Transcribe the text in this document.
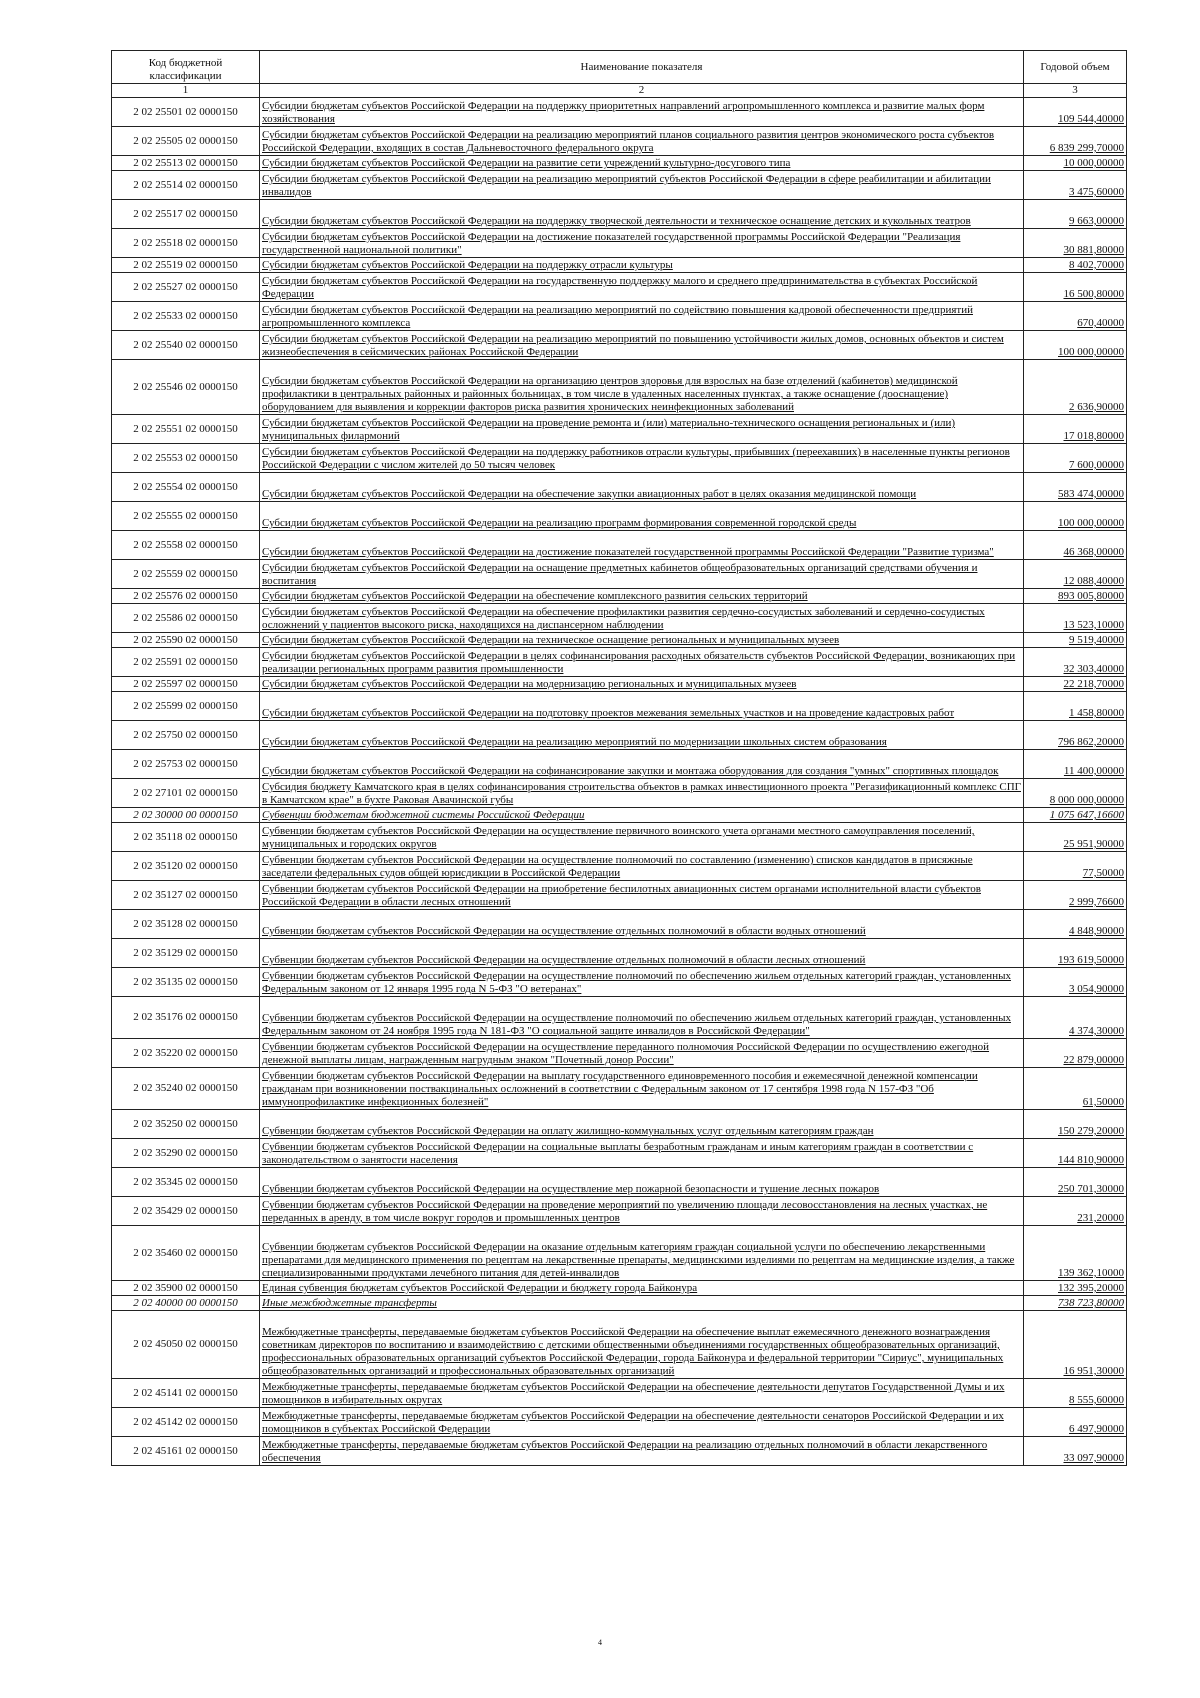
Код бюджетной классификации	Наименование показателя	Годовой объем
1	2	3
2 02 25501 02 0000150	Субсидии бюджетам субъектов Российской Федерации на поддержку приоритетных направлений агропромышленного комплекса и развитие малых форм хозяйствования	109 544,40000
2 02 25505 02 0000150	Субсидии бюджетам субъектов Российской Федерации на реализацию мероприятий планов социального развития центров экономического роста субъектов Российской Федерации, входящих в состав Дальневосточного федерального округа	6 839 299,70000
2 02 25513 02 0000150	Субсидии бюджетам субъектов Российской Федерации на развитие сети учреждений культурно-досугового типа	10 000,00000
2 02 25514 02 0000150	Субсидии бюджетам субъектов Российской Федерации на реализацию мероприятий субъектов Российской Федерации в сфере реабилитации и абилитации инвалидов	3 475,60000
2 02 25517 02 0000150	Субсидии бюджетам субъектов Российской Федерации на поддержку творческой деятельности и техническое оснащение детских и кукольных театров	9 663,00000
2 02 25518 02 0000150	Субсидии бюджетам субъектов Российской Федерации на достижение показателей государственной программы Российской Федерации "Реализация государственной национальной политики"	30 881,80000
2 02 25519 02 0000150	Субсидии бюджетам субъектов Российской Федерации на поддержку отрасли культуры	8 402,70000
2 02 25527 02 0000150	Субсидии бюджетам субъектов Российской Федерации на государственную поддержку малого и среднего предпринимательства в субъектах Российской Федерации	16 500,80000
2 02 25533 02 0000150	Субсидии бюджетам субъектов Российской Федерации на реализацию мероприятий по содействию повышения кадровой обеспеченности предприятий агропромышленного комплекса	670,40000
2 02 25540 02 0000150	Субсидии бюджетам субъектов Российской Федерации на реализацию мероприятий по повышению устойчивости жилых домов, основных объектов и систем жизнеобеспечения в сейсмических районах Российской Федерации	100 000,00000
2 02 25546 02 0000150	Субсидии бюджетам субъектов Российской Федерации на организацию центров здоровья для взрослых на базе отделений (кабинетов) медицинской профилактики в центральных районных и районных больницах, в том числе в удаленных населенных пунктах, а также оснащение (дооснащение) оборудованием для выявления и коррекции факторов риска развития хронических неинфекционных заболеваний	2 636,90000
2 02 25551 02 0000150	Субсидии бюджетам субъектов Российской Федерации на проведение ремонта и (или) материально-технического оснащения региональных и (или) муниципальных филармоний	17 018,80000
2 02 25553 02 0000150	Субсидии бюджетам субъектов Российской Федерации на поддержку работников отрасли культуры, прибывших (переехавших) в населенные пункты регионов Российской Федерации с числом жителей до 50 тысяч человек	7 600,00000
2 02 25554 02 0000150	Субсидии бюджетам субъектов Российской Федерации на обеспечение закупки авиационных работ в целях оказания медицинской помощи	583 474,00000
2 02 25555 02 0000150	Субсидии бюджетам субъектов Российской Федерации на реализацию программ формирования современной городской среды	100 000,00000
2 02 25558 02 0000150	Субсидии бюджетам субъектов Российской Федерации на достижение показателей государственной программы Российской Федерации "Развитие туризма"	46 368,00000
2 02 25559 02 0000150	Субсидии бюджетам субъектов Российской Федерации на оснащение предметных кабинетов общеобразовательных организаций средствами обучения и воспитания	12 088,40000
2 02 25576 02 0000150	Субсидии бюджетам субъектов Российской Федерации на обеспечение комплексного развития сельских территорий	893 005,80000
2 02 25586 02 0000150	Субсидии бюджетам субъектов Российской Федерации на обеспечение профилактики развития сердечно-сосудистых заболеваний и сердечно-сосудистых осложнений у пациентов высокого риска, находящихся на диспансерном наблюдении	13 523,10000
2 02 25590 02 0000150	Субсидии бюджетам субъектов Российской Федерации на техническое оснащение региональных и муниципальных музеев	9 519,40000
2 02 25591 02 0000150	Субсидии бюджетам субъектов Российской Федерации в целях софинансирования расходных обязательств субъектов Российской Федерации, возникающих при реализации региональных программ развития промышленности	32 303,40000
2 02 25597 02 0000150	Субсидии бюджетам субъектов Российской Федерации на модернизацию региональных и муниципальных музеев	22 218,70000
2 02 25599 02 0000150	Субсидии бюджетам субъектов Российской Федерации на подготовку проектов межевания земельных участков и на проведение кадастровых работ	1 458,80000
2 02 25750 02 0000150	Субсидии бюджетам субъектов Российской Федерации на реализацию мероприятий по модернизации школьных систем образования	796 862,20000
2 02 25753 02 0000150	Субсидии бюджетам субъектов Российской Федерации на софинансирование закупки и монтажа оборудования для создания "умных" спортивных площадок	11 400,00000
2 02 27101 02 0000150	Субсидия бюджету Камчатского края в целях софинансирования строительства объектов в рамках инвестиционного проекта "Регазификационный комплекс СПГ в Камчатском крае" в бухте Раковая Авачинской губы	8 000 000,00000
2 02 30000 00 0000150	Субвенции бюджетам бюджетной системы Российской Федерации	1 075 647,16600
2 02 35118 02 0000150	Субвенции бюджетам субъектов Российской Федерации на осуществление первичного воинского учета органами местного самоуправления поселений, муниципальных и городских округов	25 951,90000
2 02 35120 02 0000150	Субвенции бюджетам субъектов Российской Федерации на осуществление полномочий по составлению (изменению) списков кандидатов в присяжные заседатели федеральных судов общей юрисдикции в Российской Федерации	77,50000
2 02 35127 02 0000150	Субвенции бюджетам субъектов Российской Федерации на приобретение беспилотных авиационных систем органами исполнительной власти субъектов Российской Федерации в области лесных отношений	2 999,76600
2 02 35128 02 0000150	Субвенции бюджетам субъектов Российской Федерации на осуществление отдельных полномочий в области водных отношений	4 848,90000
2 02 35129 02 0000150	Субвенции бюджетам субъектов Российской Федерации на осуществление отдельных полномочий в области лесных отношений	193 619,50000
2 02 35135 02 0000150	Субвенции бюджетам субъектов Российской Федерации на осуществление полномочий по обеспечению жильем отдельных категорий граждан, установленных Федеральным законом от 12 января 1995 года N 5-ФЗ "О ветеранах"	3 054,90000
2 02 35176 02 0000150	Субвенции бюджетам субъектов Российской Федерации на осуществление полномочий по обеспечению жильем отдельных категорий граждан, установленных Федеральным законом от 24 ноября 1995 года N 181-ФЗ "О социальной защите инвалидов в Российской Федерации"	4 374,30000
2 02 35220 02 0000150	Субвенции бюджетам субъектов Российской Федерации на осуществление переданного полномочия Российской Федерации по осуществлению ежегодной денежной выплаты лицам, награжденным нагрудным знаком "Почетный донор России"	22 879,00000
2 02 35240 02 0000150	Субвенции бюджетам субъектов Российской Федерации на выплату государственного единовременного пособия и ежемесячной денежной компенсации гражданам при возникновении поствакцинальных осложнений в соответствии с Федеральным законом от 17 сентября 1998 года N 157-ФЗ "Об иммунопрофилактике инфекционных болезней"	61,50000
2 02 35250 02 0000150	Субвенции бюджетам субъектов Российской Федерации на оплату жилищно-коммунальных услуг отдельным категориям граждан	150 279,20000
2 02 35290 02 0000150	Субвенции бюджетам субъектов Российской Федерации на социальные выплаты безработным гражданам и иным категориям граждан в соответствии с законодательством о занятости населения	144 810,90000
2 02 35345 02 0000150	Субвенции бюджетам субъектов Российской Федерации на осуществление мер пожарной безопасности и тушение лесных пожаров	250 701,30000
2 02 35429 02 0000150	Субвенции бюджетам субъектов Российской Федерации на проведение мероприятий по увеличению площади лесовосстановления на лесных участках, не переданных в аренду, в том числе вокруг городов и промышленных центров	231,20000
2 02 35460 02 0000150	Субвенции бюджетам субъектов Российской Федерации на оказание отдельным категориям граждан социальной услуги по обеспечению лекарственными препаратами для медицинского применения по рецептам на лекарственные препараты, медицинскими изделиями по рецептам на медицинские изделия, а также специализированными продуктами лечебного питания для детей-инвалидов	139 362,10000
2 02 35900 02 0000150	Единая субвенция бюджетам субъектов Российской Федерации и бюджету города Байконура	132 395,20000
2 02 40000 00 0000150	Иные межбюджетные трансферты	738 723,80000
2 02 45050 02 0000150	Межбюджетные трансферты, передаваемые бюджетам субъектов Российской Федерации на обеспечение выплат ежемесячного денежного вознаграждения советникам директоров по воспитанию и взаимодействию с детскими общественными объединениями государственных общеобразовательных организаций, профессиональных образовательных организаций субъектов Российской Федерации, города Байконура и федеральной территории "Сириус", муниципальных общеобразовательных организаций и профессиональных образовательных организаций	16 951,30000
2 02 45141 02 0000150	Межбюджетные трансферты, передаваемые бюджетам субъектов Российской Федерации на обеспечение деятельности депутатов Государственной Думы и их помощников в избирательных округах	8 555,60000
2 02 45142 02 0000150	Межбюджетные трансферты, передаваемые бюджетам субъектов Российской Федерации на обеспечение деятельности сенаторов Российской Федерации и их помощников в субъектах Российской Федерации	6 497,90000
2 02 45161 02 0000150	Межбюджетные трансферты, передаваемые бюджетам субъектов Российской Федерации на реализацию отдельных полномочий в области лекарственного обеспечения	33 097,90000
4
